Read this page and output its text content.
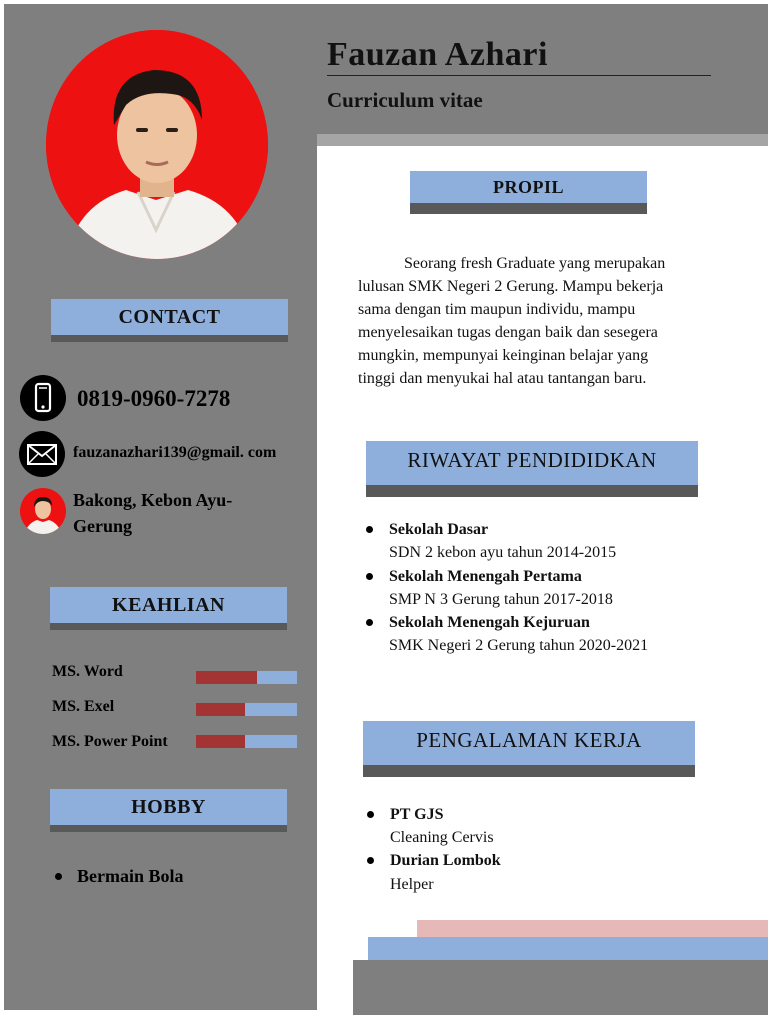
Fauzan Azhari
Curriculum vitae
CONTACT
0819-0960-7278
fauzanazhari139@gmail. com
Bakong, Kebon Ayu-
Gerung
KEAHLIAN
MS. Word
MS. Exel
MS. Power Point
HOBBY
Bermain Bola
PROPIL
Seorang fresh Graduate yang merupakan
lulusan SMK Negeri 2 Gerung. Mampu bekerja
sama dengan tim maupun individu, mampu
menyelesaikan tugas dengan baik dan sesegera
mungkin, mempunyai keinginan belajar yang
tinggi dan menyukai hal atau tantangan baru.
RIWAYAT PENDIDIDKAN
Sekolah Dasar
SDN 2 kebon ayu tahun 2014-2015
Sekolah Menengah Pertama
SMP N 3 Gerung tahun 2017-2018
Sekolah Menengah Kejuruan
SMK Negeri 2 Gerung tahun 2020-2021
PENGALAMAN KERJA
PT GJS
Cleaning Cervis
Durian Lombok
Helper
